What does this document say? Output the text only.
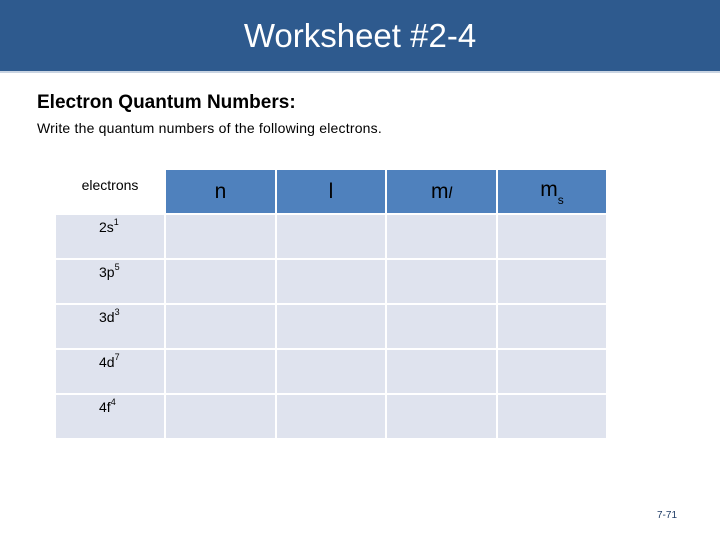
Worksheet #2-4
Electron Quantum Numbers:
Write the quantum numbers of the following electrons.
electrons	n	l	ml	$m_s$
$2s^1$				
$3p^5$				
$3d^3$				
$4d^7$				
$4f^4$				
7-71
